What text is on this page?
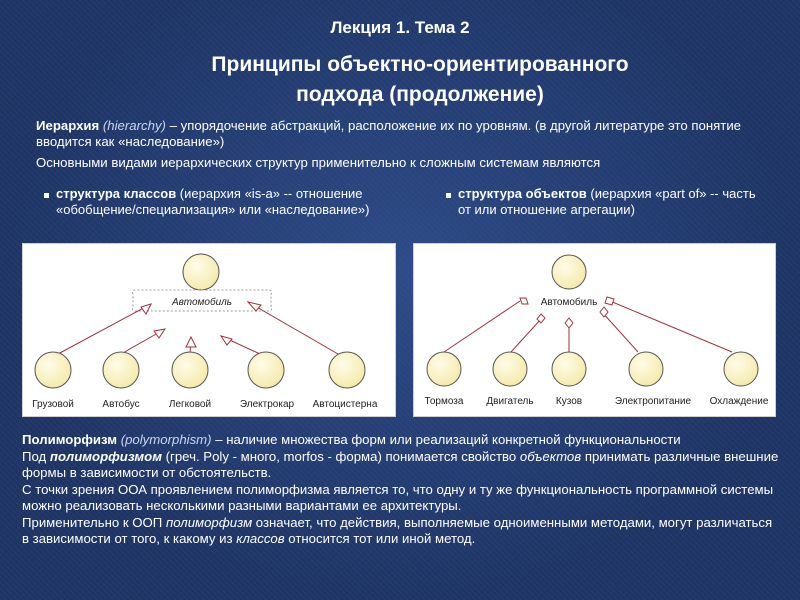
Лекция 1. Тема 2
Принципы объектно-ориентированного
подхода (продолжение)
Иерархия (hierarchy) – упорядочение абстракций, расположение их по уровням. (в другой литературе это понятие вводится как «наследование»)
Основными видами иерархических структур применительно к сложным системам являются
структура классов (иерархия «is-a» -- отношение «обобщение/специализация» или «наследование»)
структура объектов (иерархия «part of» -- часть от или отношение агрегации)
Автомобиль
Грузовой	Автобус	Легковой	Электрокар Автоцистерна
Автомобиль
Тормоза Двигатель Кузов	Электропитание Охлаждение

Полиморфизм (polymorphism) – наличие множества форм или реализаций конкретной функциональности

Под полиморфизмом (греч. Poly - много, morfos - форма) понимается свойство объектов принимать различные внешние формы в зависимости от обстоятельств.

С точки зрения ООА проявлением полиморфизма является то, что одну и ту же функциональность программной системы можно реализовать несколькими разными вариантами ее архитектуры.

Применительно к ООП полиморфизм означает, что действия, выполняемые одноименными методами, могут различаться в зависимости от того, к какому из классов относится тот или иной метод.
